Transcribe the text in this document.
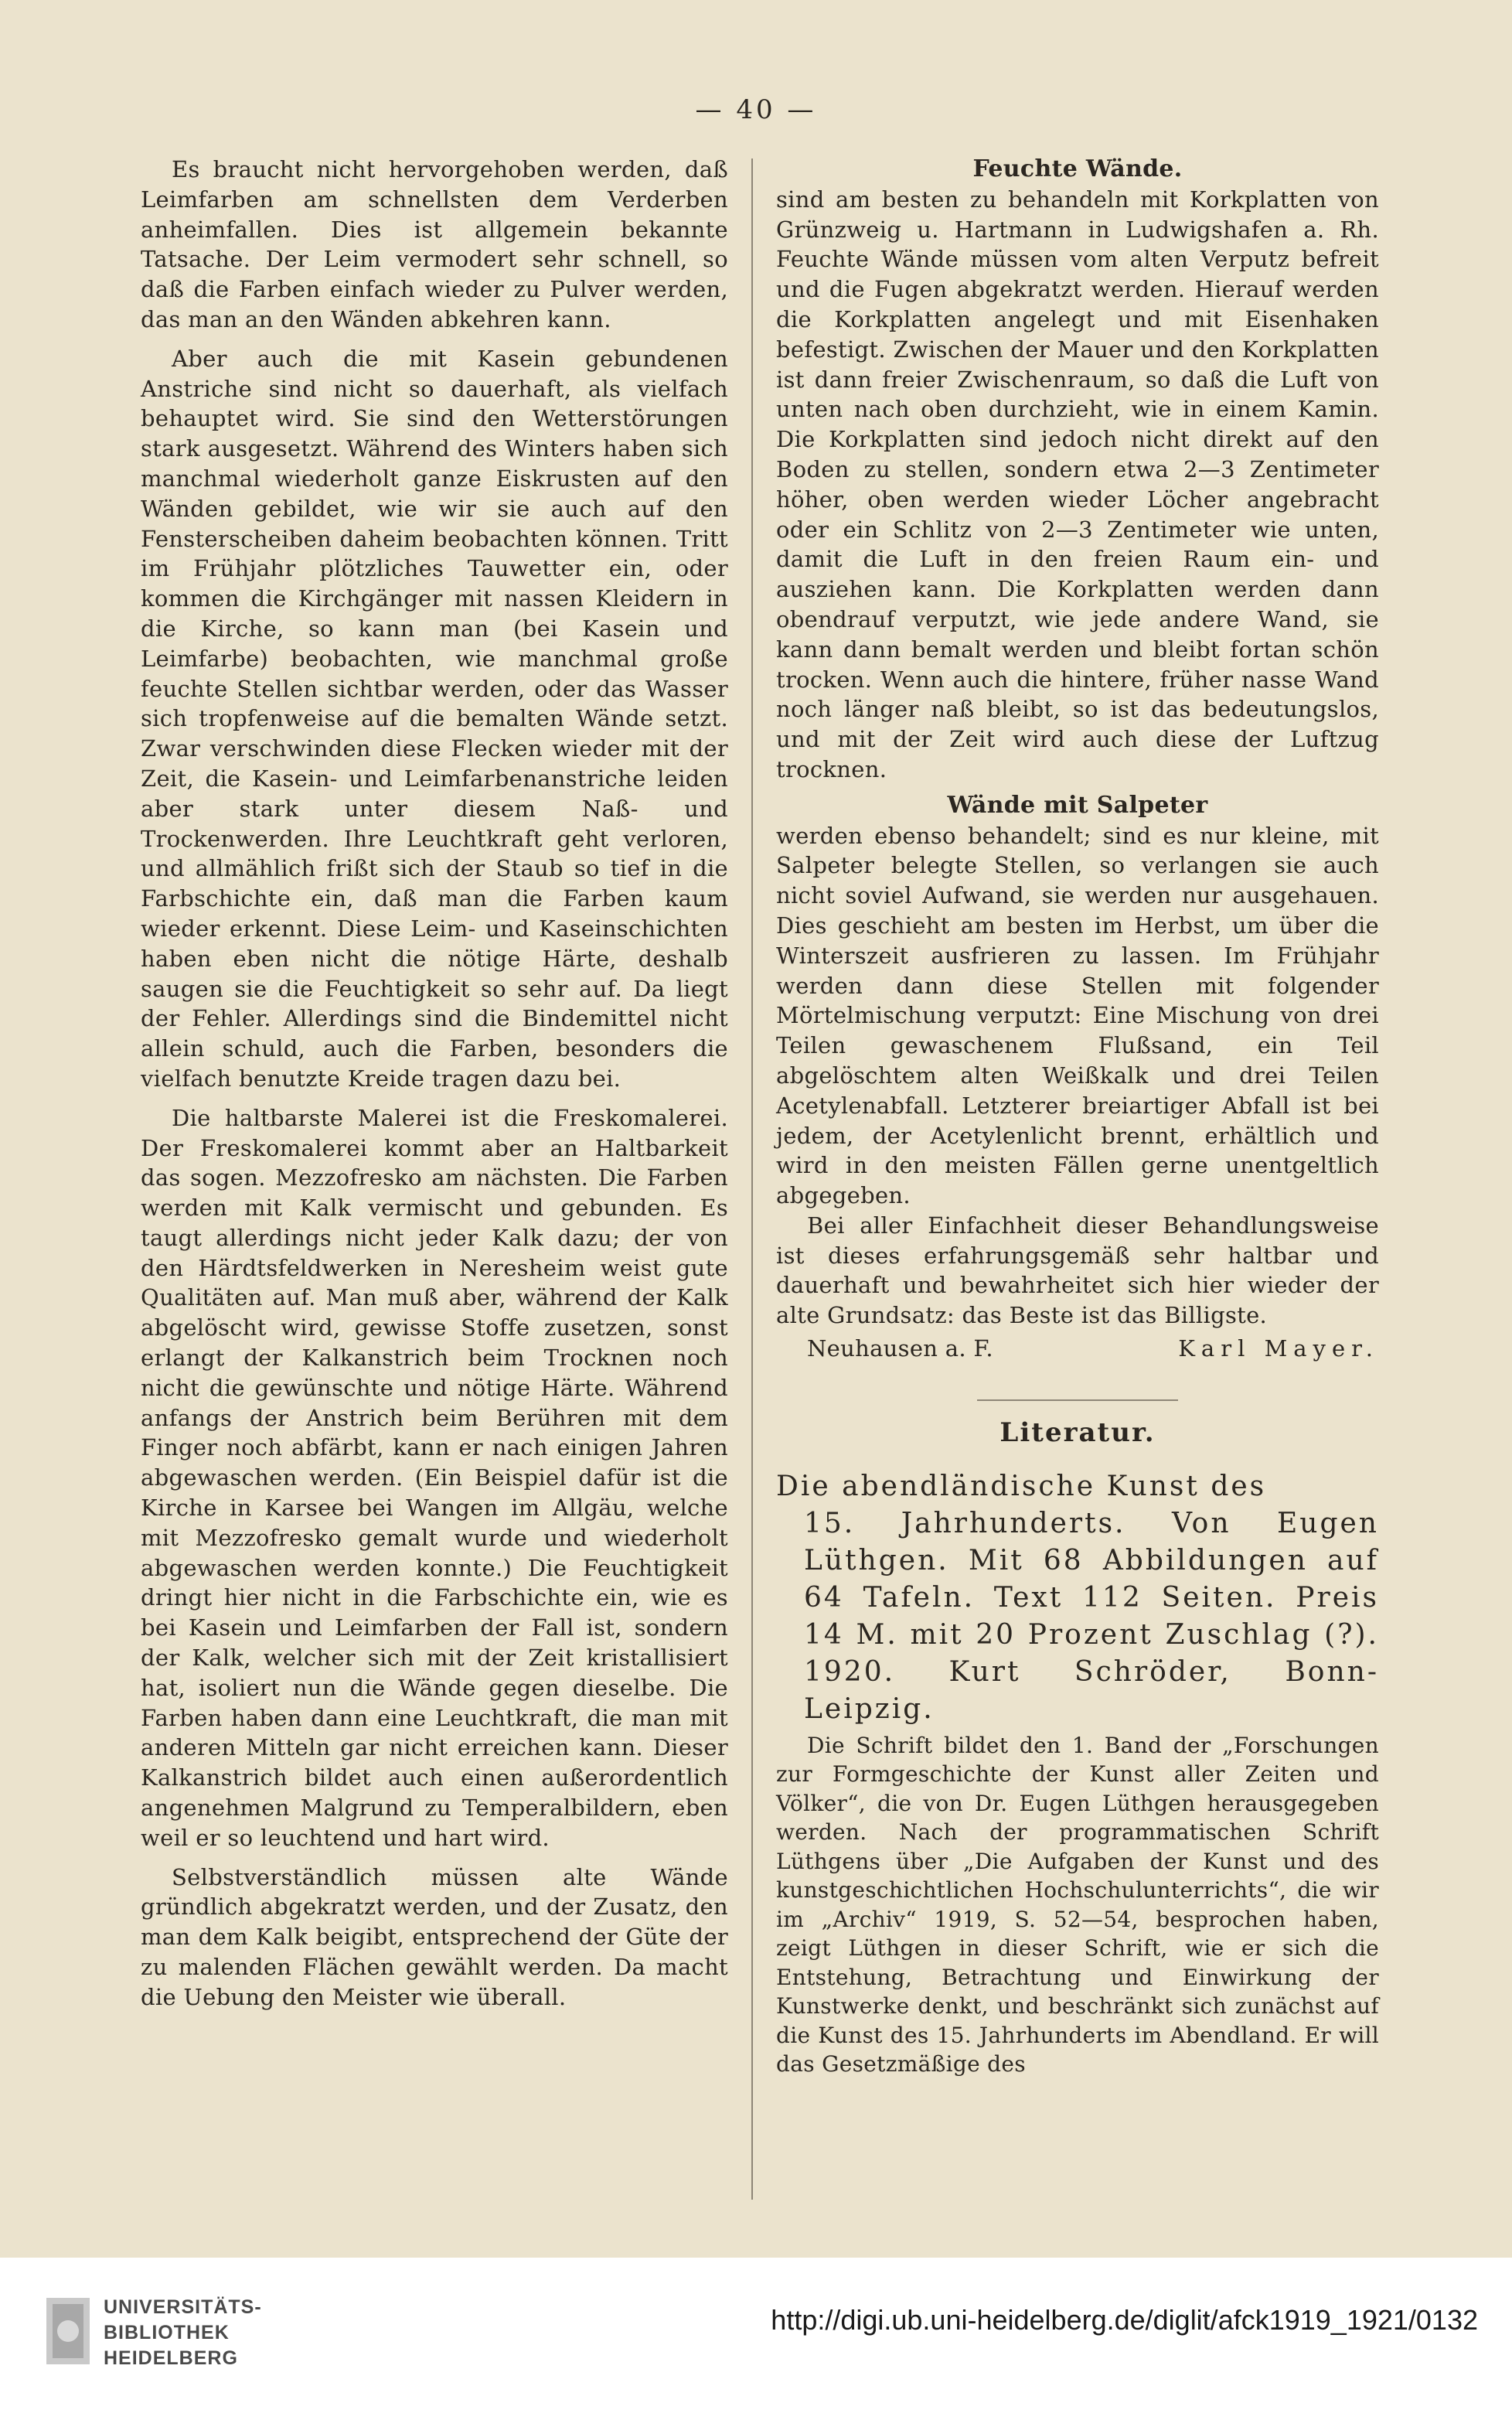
— 40 —

Es braucht nicht hervorgehoben werden, daß Leimfarben am schnellsten dem Verderben anheimfallen. Dies ist allgemein bekannte Tatsache. Der Leim vermodert sehr schnell, so daß die Farben einfach wieder zu Pulver werden, das man an den Wänden abkehren kann.

Aber auch die mit Kasein gebundenen Anstriche sind nicht so dauerhaft, als vielfach behauptet wird. Sie sind den Wetterstörungen stark ausgesetzt. Während des Winters haben sich manchmal wiederholt ganze Eiskrusten auf den Wänden gebildet, wie wir sie auch auf den Fensterscheiben daheim beobachten können. Tritt im Frühjahr plötzliches Tauwetter ein, oder kommen die Kirchgänger mit nassen Kleidern in die Kirche, so kann man (bei Kasein und Leimfarbe) beobachten, wie manchmal große feuchte Stellen sichtbar werden, oder das Wasser sich tropfenweise auf die bemalten Wände setzt. Zwar verschwinden diese Flecken wieder mit der Zeit, die Kasein- und Leimfarbenanstriche leiden aber stark unter diesem Naß- und Trockenwerden. Ihre Leuchtkraft geht verloren, und allmählich frißt sich der Staub so tief in die Farbschichte ein, daß man die Farben kaum wieder erkennt. Diese Leim- und Kaseinschichten haben eben nicht die nötige Härte, deshalb saugen sie die Feuchtigkeit so sehr auf. Da liegt der Fehler. Allerdings sind die Bindemittel nicht allein schuld, auch die Farben, besonders die vielfach benutzte Kreide tragen dazu bei.

Die haltbarste Malerei ist die Freskomalerei. Der Freskomalerei kommt aber an Haltbarkeit das sogen. Mezzofresko am nächsten. Die Farben werden mit Kalk vermischt und gebunden. Es taugt allerdings nicht jeder Kalk dazu; der von den Härdtsfeldwerken in Neresheim weist gute Qualitäten auf. Man muß aber, während der Kalk abgelöscht wird, gewisse Stoffe zusetzen, sonst erlangt der Kalkanstrich beim Trocknen noch nicht die gewünschte und nötige Härte. Während anfangs der Anstrich beim Berühren mit dem Finger noch abfärbt, kann er nach einigen Jahren abgewaschen werden. (Ein Beispiel dafür ist die Kirche in Karsee bei Wangen im Allgäu, welche mit Mezzofresko gemalt wurde und wiederholt abgewaschen werden konnte.) Die Feuchtigkeit dringt hier nicht in die Farbschichte ein, wie es bei Kasein und Leimfarben der Fall ist, sondern der Kalk, welcher sich mit der Zeit kristallisiert hat, isoliert nun die Wände gegen dieselbe. Die Farben haben dann eine Leuchtkraft, die man mit anderen Mitteln gar nicht erreichen kann. Dieser Kalkanstrich bildet auch einen außerordentlich angenehmen Malgrund zu Temperalbildern, eben weil er so leuchtend und hart wird.

Selbstverständlich müssen alte Wände gründlich abgekratzt werden, und der Zusatz, den man dem Kalk beigibt, entsprechend der Güte der zu malenden Flächen gewählt werden. Da macht die Uebung den Meister wie überall.

Feuchte Wände.

sind am besten zu behandeln mit Korkplatten von Grünzweig u. Hartmann in Ludwigshafen a. Rh. Feuchte Wände müssen vom alten Verputz befreit und die Fugen abgekratzt werden. Hierauf werden die Korkplatten angelegt und mit Eisenhaken befestigt. Zwischen der Mauer und den Korkplatten ist dann freier Zwischenraum, so daß die Luft von unten nach oben durchzieht, wie in einem Kamin. Die Korkplatten sind jedoch nicht direkt auf den Boden zu stellen, sondern etwa 2—3 Zentimeter höher, oben werden wieder Löcher angebracht oder ein Schlitz von 2—3 Zentimeter wie unten, damit die Luft in den freien Raum ein- und ausziehen kann. Die Korkplatten werden dann obendrauf verputzt, wie jede andere Wand, sie kann dann bemalt werden und bleibt fortan schön trocken. Wenn auch die hintere, früher nasse Wand noch länger naß bleibt, so ist das bedeutungslos, und mit der Zeit wird auch diese der Luftzug trocknen.

Wände mit Salpeter

werden ebenso behandelt; sind es nur kleine, mit Salpeter belegte Stellen, so verlangen sie auch nicht soviel Aufwand, sie werden nur ausgehauen. Dies geschieht am besten im Herbst, um über die Winterszeit ausfrieren zu lassen. Im Frühjahr werden dann diese Stellen mit folgender Mörtelmischung verputzt: Eine Mischung von drei Teilen gewaschenem Flußsand, ein Teil abgelöschtem alten Weißkalk und drei Teilen Acetylenabfall. Letzterer breiartiger Abfall ist bei jedem, der Acetylenlicht brennt, erhältlich und wird in den meisten Fällen gerne unentgeltlich abgegeben.

Bei aller Einfachheit dieser Behandlungsweise ist dieses erfahrungsgemäß sehr haltbar und dauerhaft und bewahrheitet sich hier wieder der alte Grundsatz: das Beste ist das Billigste.

Neuhausen a. F.	Karl Mayer.
Literatur.

Die abendländische Kunst des
15. Jahrhunderts. Von Eugen Lüthgen. Mit 68 Abbildungen auf 64 Tafeln. Text 112 Seiten. Preis 14 M. mit 20 Prozent Zuschlag (?). 1920. Kurt Schröder, Bonn-Leipzig.

Die Schrift bildet den 1. Band der „Forschungen zur Formgeschichte der Kunst aller Zeiten und Völker“, die von Dr. Eugen Lüthgen herausgegeben werden. Nach der programmatischen Schrift Lüthgens über „Die Aufgaben der Kunst und des kunstgeschichtlichen Hochschulunterrichts“, die wir im „Archiv“ 1919, S. 52—54, besprochen haben, zeigt Lüthgen in dieser Schrift, wie er sich die Entstehung, Betrachtung und Einwirkung der Kunstwerke denkt, und beschränkt sich zunächst auf die Kunst des 15. Jahrhunderts im Abendland. Er will das Gesetzmäßige des

UNIVERSITÄTS-
BIBLIOTHEK
HEIDELBERG
http://digi.ub.uni-heidelberg.de/diglit/afck1919_1921/0132
